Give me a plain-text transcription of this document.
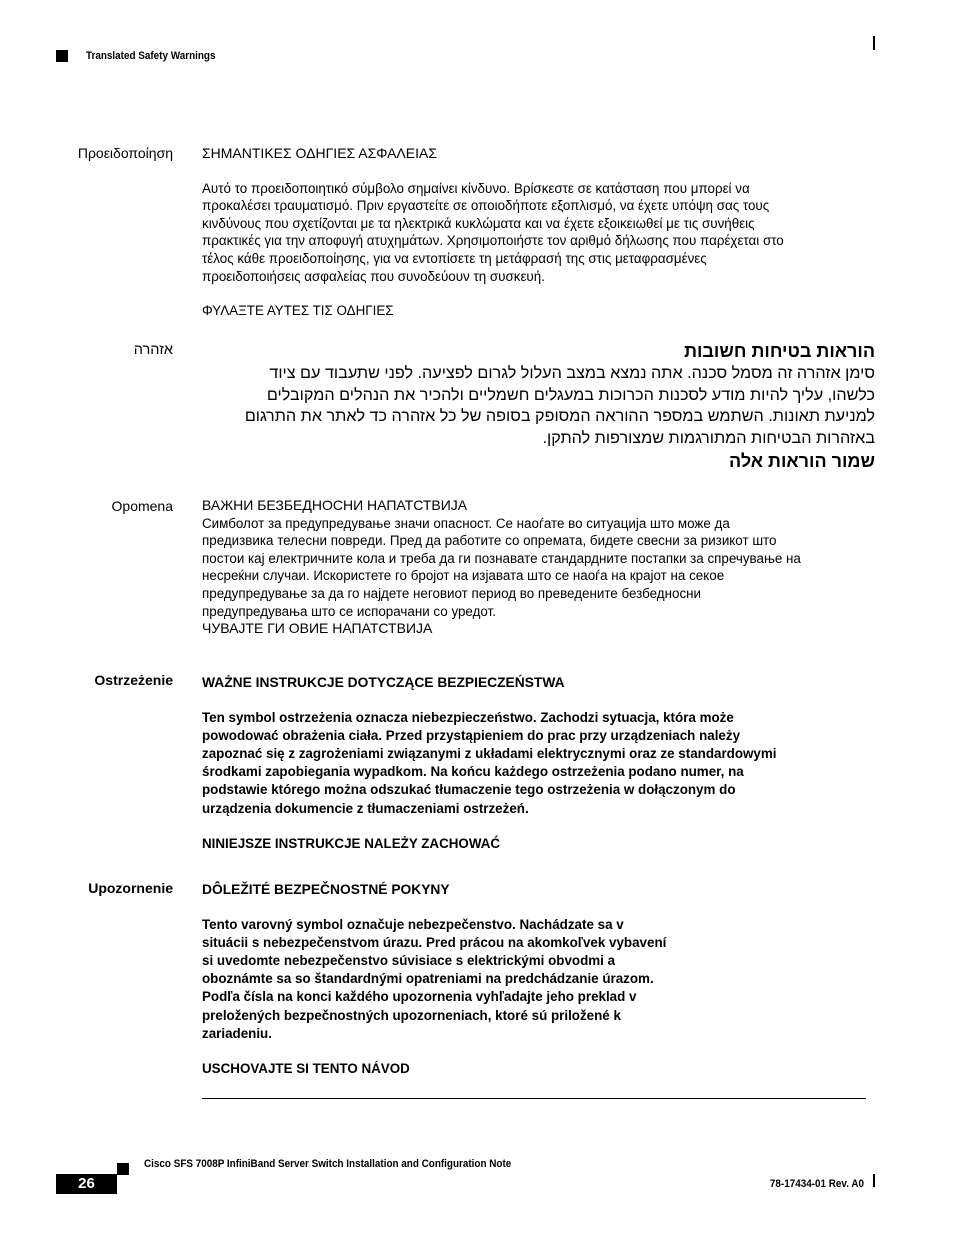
Translated Safety Warnings
Προειδοποίηση ΣΗΜΑΝΤΙΚΕΣ ΟΔΗΓΙΕΣ ΑΣΦΑΛΕΙΑΣ

Αυτό το προειδοποιητικό σύμβολο σημαίνει κίνδυνο. Βρίσκεστε σε κατάσταση που μπορεί να

προκαλέσει τραυματισμό. Πριν εργαστείτε σε οποιοδήποτε εξοπλισμό, να έχετε υπόψη σας τους

κινδύνους που σχετίζονται με τα ηλεκτρικά κυκλώματα και να έχετε εξοικειωθεί με τις συνήθεις

πρακτικές για την αποφυγή ατυχημάτων. Χρησιμοποιήστε τον αριθμό δήλωσης που παρέχεται στο

τέλος κάθε προειδοποίησης, για να εντοπίσετε τη μετάφρασή της στις μεταφρασμένες

προειδοποιήσεις ασφαλείας που συνοδεύουν τη συσκευή.

ΦΥΛΑΞΤΕ ΑΥΤΕΣ ΤΙΣ ΟΔΗΓΙΕΣ

אזהרה	הוראות בטיחות חשובות

סימן אזהרה זה מסמל סכנה. אתה נמצא במצב העלול לגרום לפציעה. לפני שתעבוד עם ציוד

כלשהו, עליך להיות מודע לסכנות הכרוכות במעגלים חשמליים ולהכיר את הנהלים המקובלים

למניעת תאונות. השתמש במספר ההוראה המסופק בסופה של כל אזהרה כד לאתר את התרגום

באזהרות הבטיחות המתורגמות שמצורפות להתקן.

שמור הוראות אלה

Opomena ВАЖНИ БЕЗБЕДНОСНИ НАПАТСТВИЈА

Симболот за предупредување значи опасност. Се наоѓате во ситуација што може да

предизвика телесни повреди. Пред да работите со опремата, бидете свесни за ризикот што

постои кај електричните кола и треба да ги познавате стандардните постапки за спречување на

несреќни случаи. Искористете го бројот на изјавата што се наоѓа на крајот на секое

предупредување за да го најдете неговиот период во преведените безбедносни

предупредувања што се испорачани со уредот.

ЧУВАЈТЕ ГИ ОВИЕ НАПАТСТВИЈА

Ostrzeżenie WAŻNE INSTRUKCJE DOTYCZĄCE BEZPIECZEŃSTWA

Ten symbol ostrzeżenia oznacza niebezpieczeństwo. Zachodzi sytuacja, która może

powodować obrażenia ciała. Przed przystąpieniem do prac przy urządzeniach należy

zapoznać się z zagrożeniami związanymi z układami elektrycznymi oraz ze standardowymi

środkami zapobiegania wypadkom. Na końcu każdego ostrzeżenia podano numer, na

podstawie którego można odszukać tłumaczenie tego ostrzeżenia w dołączonym do

urządzenia dokumencie z tłumaczeniami ostrzeżeń.

NINIEJSZE INSTRUKCJE NALEŻY ZACHOWAĆ

Upozornenie DÔLEŽITÉ BEZPEČNOSTNÉ POKYNY

Tento varovný symbol označuje nebezpečenstvo. Nachádzate sa v

situácii s nebezpečenstvom úrazu. Pred prácou na akomkoľvek vybavení

si uvedomte nebezpečenstvo súvisiace s elektrickými obvodmi a

oboznámte sa so štandardnými opatreniami na predchádzanie úrazom.

Podľa čísla na konci každého upozornenia vyhľadajte jeho preklad v

preložených bezpečnostných upozorneniach, ktoré sú priložené k

zariadeniu.

USCHOVAJTE SI TENTO NÁVOD

Cisco SFS 7008P InfiniBand Server Switch Installation and Configuration Note
26	78-17434-01 Rev. A0
